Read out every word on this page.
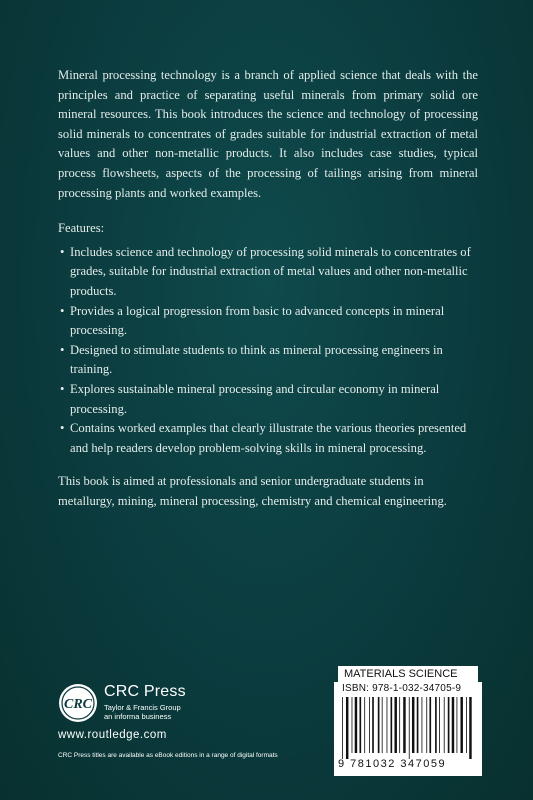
Mineral processing technology is a branch of applied science that deals with the principles and practice of separating useful minerals from primary solid ore mineral resources. This book introduces the science and technology of processing solid minerals to concentrates of grades suitable for industrial extraction of metal values and other non-metallic products. It also includes case studies, typical process flowsheets, aspects of the processing of tailings arising from mineral processing plants and worked examples.

Features:

• Includes science and technology of processing solid minerals to concentrates of grades, suitable for industrial extraction of metal values and other non-metallic products.
• Provides a logical progression from basic to advanced concepts in mineral processing.
• Designed to stimulate students to think as mineral processing engineers in training.
• Explores sustainable mineral processing and circular economy in mineral processing.
• Contains worked examples that clearly illustrate the various theories presented and help readers develop problem-solving skills in mineral processing.

This book is aimed at professionals and senior undergraduate students in metallurgy, mining, mineral processing, chemistry and chemical engineering.

CRC
CRC Press
Taylor & Francis Group
an informa business
www.routledge.com
CRC Press titles are available as eBook editions in a range of digital formats
MATERIALS SCIENCE
ISBN: 978-1-032-34705-9
9 781032 347059
